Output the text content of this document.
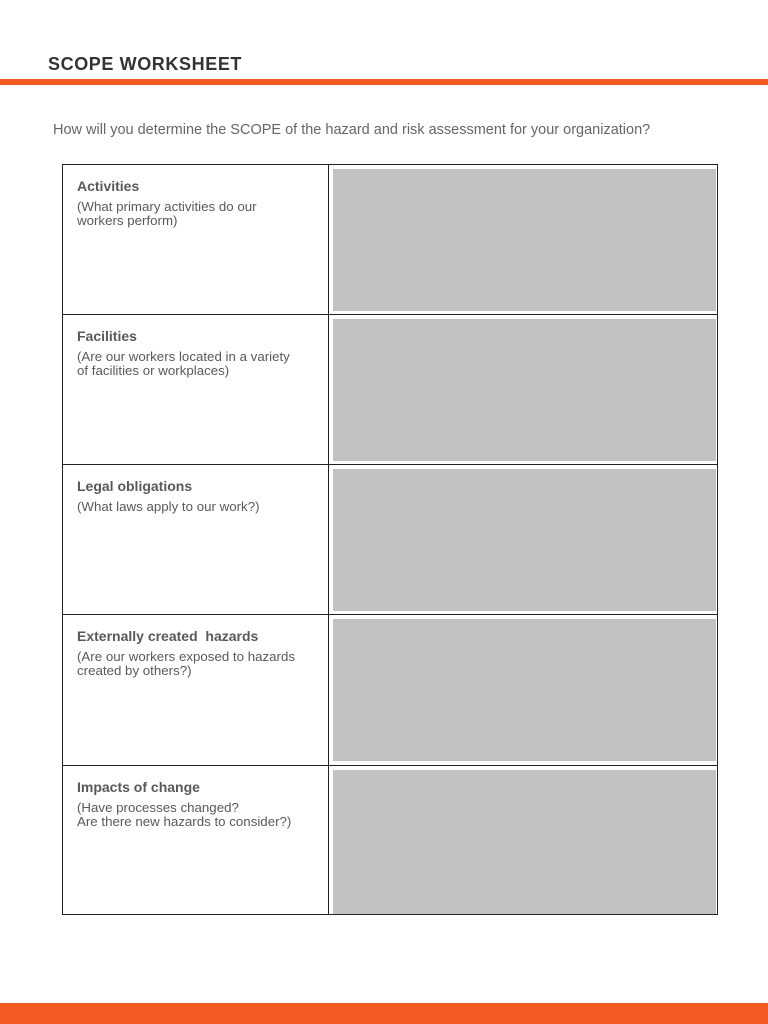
SCOPE WORKSHEET

How will you determine the SCOPE of the hazard and risk assessment for your organization?

Activities
(What primary activities do our
workers perform)
Facilities
(Are our workers located in a variety
of facilities or workplaces)
Legal obligations
(What laws apply to our work?)
Externally created  hazards
(Are our workers exposed to hazards
created by others?)
Impacts of change
(Have processes changed?
Are there new hazards to consider?)
